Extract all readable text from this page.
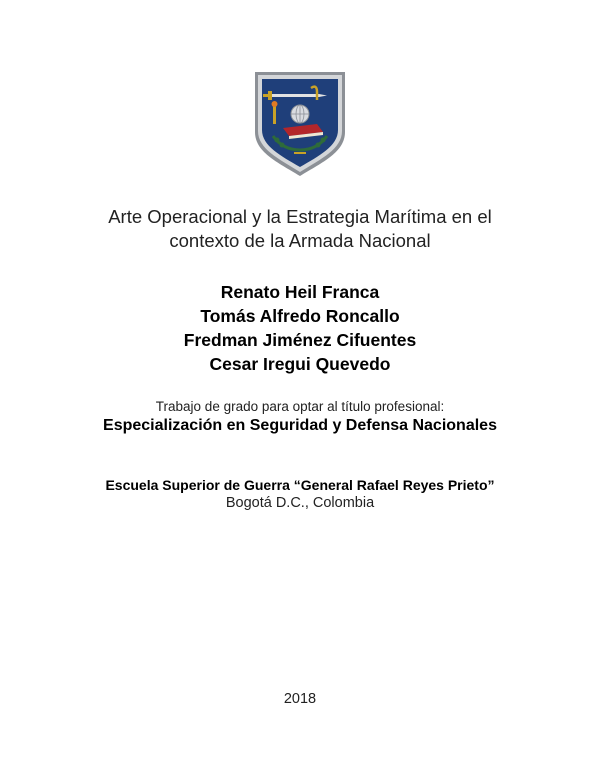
Arte Operacional y la Estrategia Marítima en el
contexto de la Armada Nacional
Renato Heil Franca
Tomás Alfredo Roncallo
Fredman Jiménez Cifuentes
Cesar Iregui Quevedo
Trabajo de grado para optar al título profesional:
Especialización en Seguridad y Defensa Nacionales
Escuela Superior de Guerra “General Rafael Reyes Prieto”
Bogotá D.C., Colombia
2018
